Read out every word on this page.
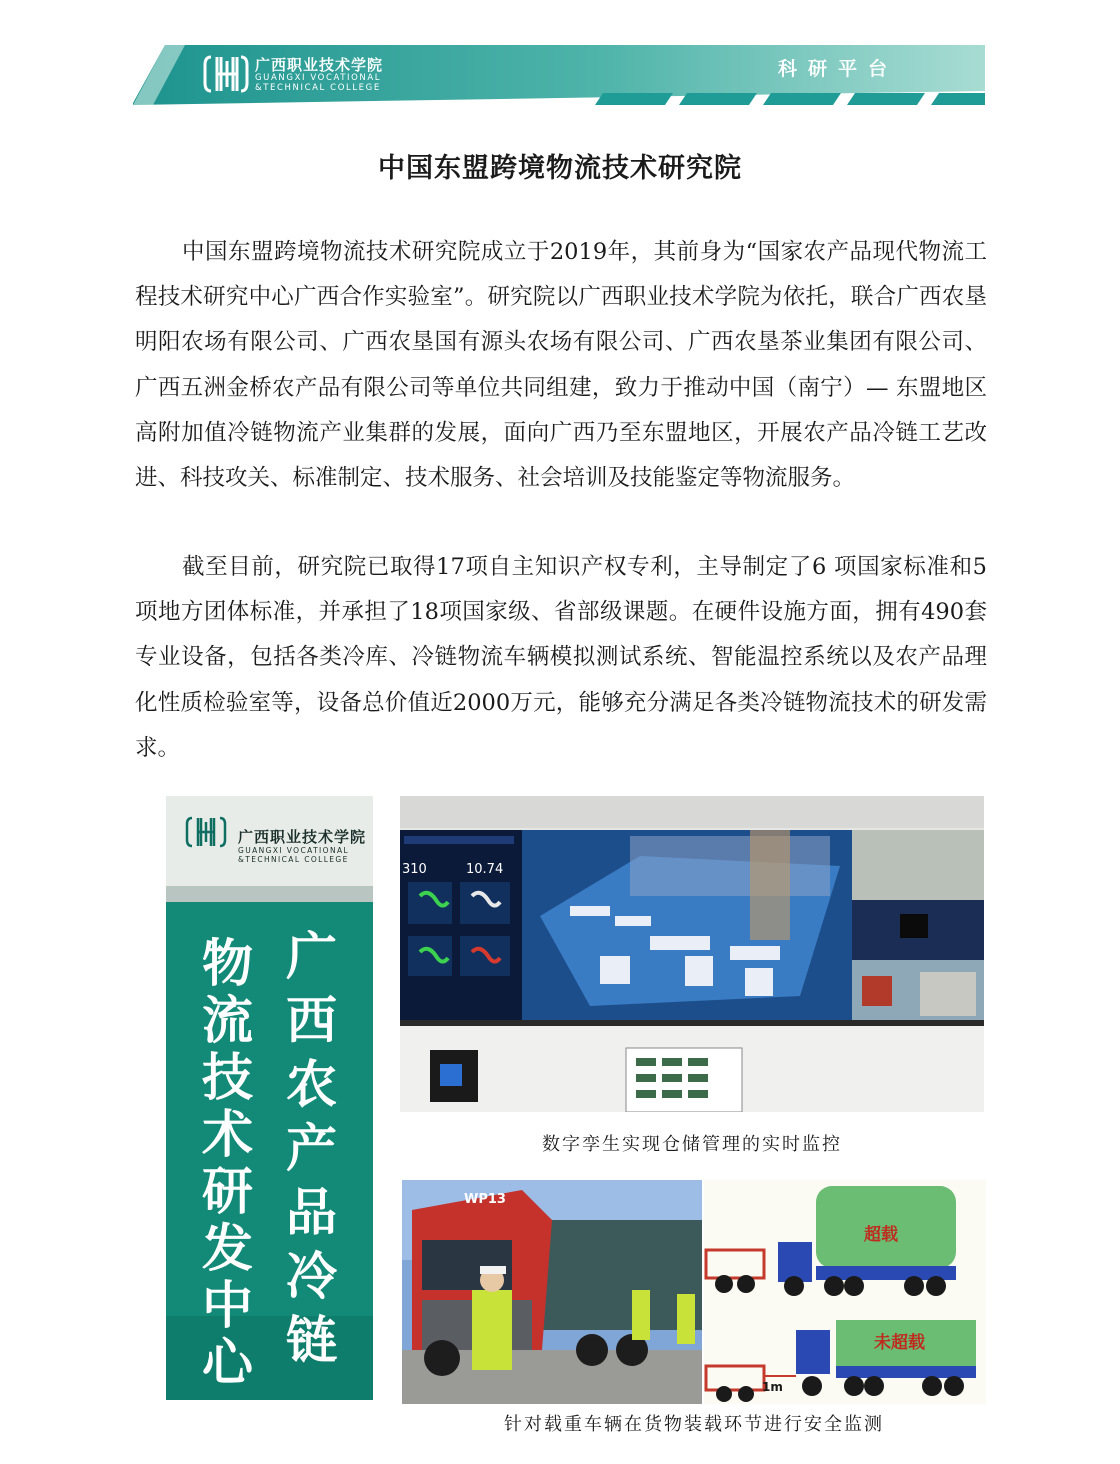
广西职业技术学院
GUANGXI VOCATIONAL
&TECHNICAL COLLEGE
科研平台
中国东盟跨境物流技术研究院

中国东盟跨境物流技术研究院成立于2019年，其前身为“国家农产品现代物流工程技术研究中心广西合作实验室”。研究院以广西职业技术学院为依托，联合广西农垦明阳农场有限公司、广西农垦国有源头农场有限公司、广西农垦茶业集团有限公司、广西五洲金桥农产品有限公司等单位共同组建，致力于推动中国（南宁）— 东盟地区高附加值冷链物流产业集群的发展，面向广西乃至东盟地区，开展农产品冷链工艺改进、科技攻关、标准制定、技术服务、社会培训及技能鉴定等物流服务。

截至目前，研究院已取得17项自主知识产权专利，主导制定了6 项国家标准和5项地方团体标准，并承担了18项国家级、省部级课题。在硬件设施方面，拥有490套专业设备，包括各类冷库、冷链物流车辆模拟测试系统、智能温控系统以及农产品理化性质检验室等，设备总价值近2000万元，能够充分满足各类冷链物流技术的研发需求。

广西职业技术学院
GUANGXI VOCATIONAL
&TECHNICAL COLLEGE
物流技术研发中心
广西农产品冷链
310	10.74
数字孪生实现仓储管理的实时监控
WP13
超载
未超载
1m
针对载重车辆在货物装载环节进行安全监测
